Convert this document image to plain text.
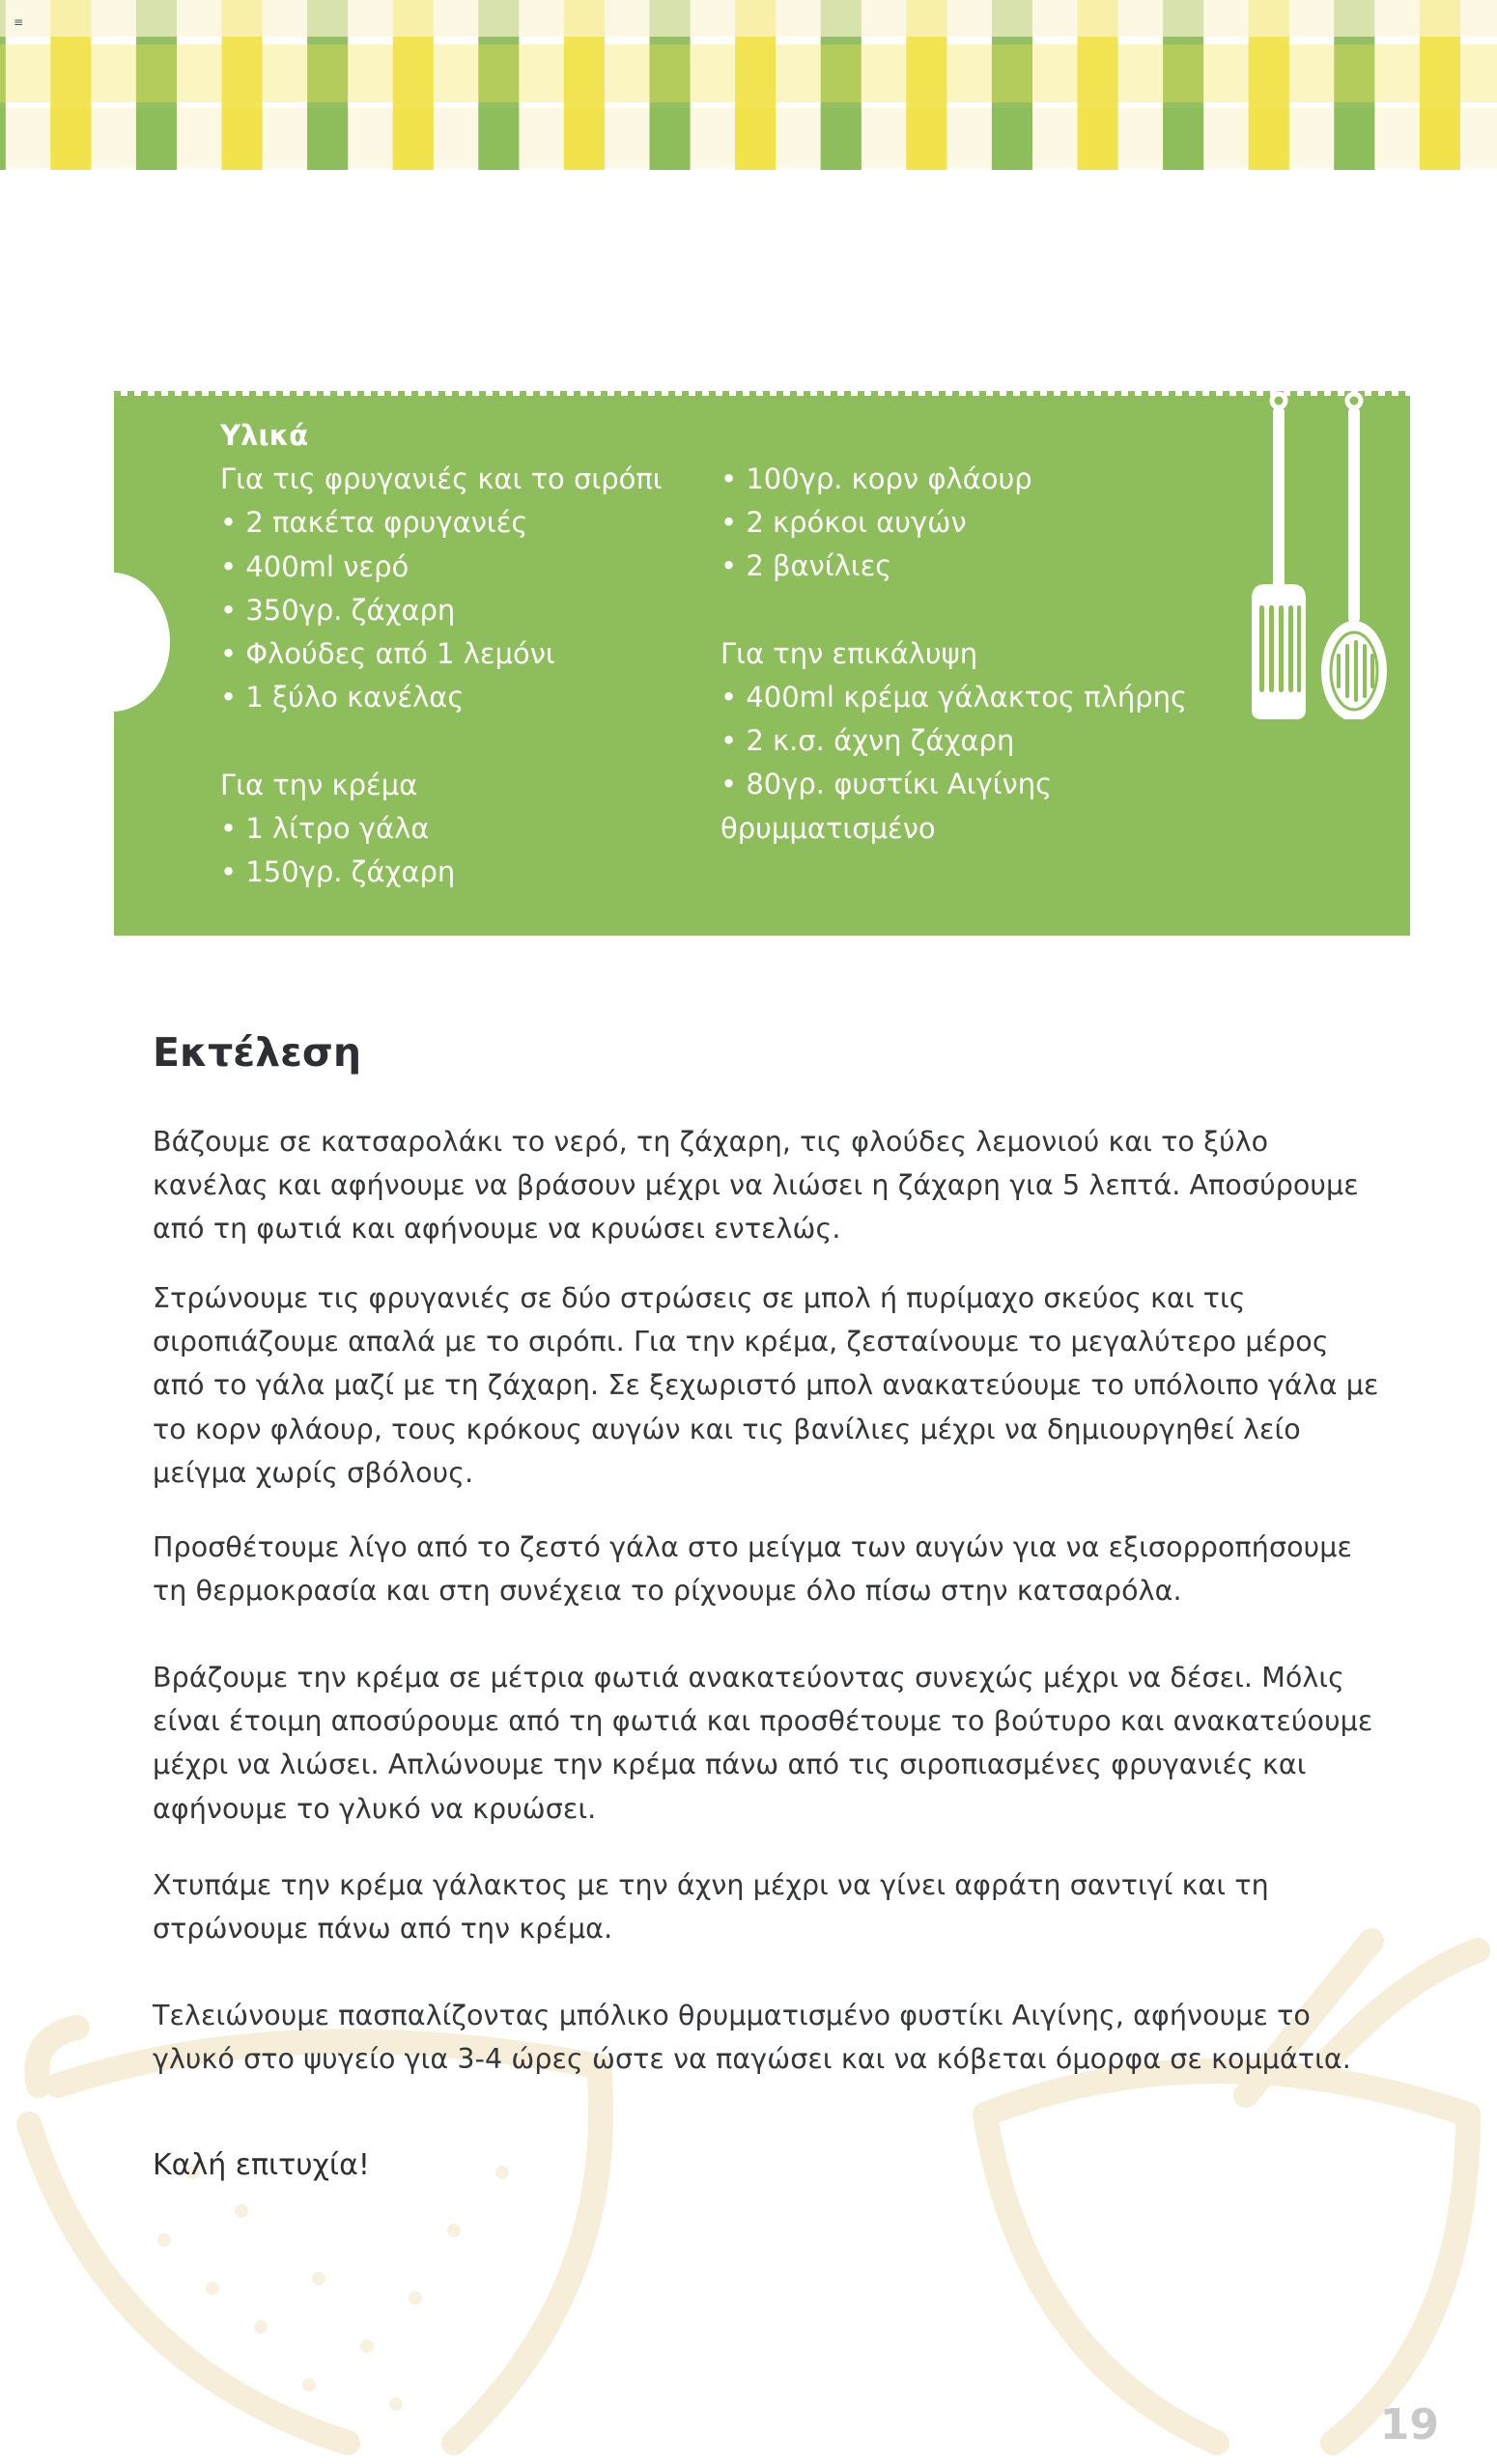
≡
Υλικά
Για τις φρυγανιές και το σιρόπι
• 2 πακέτα φρυγανιές
• 400ml νερό
• 350γρ. ζάχαρη
• Φλούδες από 1 λεμόνι
• 1 ξύλο κανέλας
Για την κρέμα
• 1 λίτρο γάλα
• 150γρ. ζάχαρη
• 100γρ. κορν φλάουρ
• 2 κρόκοι αυγών
• 2 βανίλιες
Για την επικάλυψη
• 400ml κρέμα γάλακτος πλήρης
• 2 κ.σ. άχνη ζάχαρη
• 80γρ. φυστίκι Αιγίνης
θρυμματισμένο
Εκτέλεση

Βάζουμε σε κατσαρολάκι το νερό, τη ζάχαρη, τις φλούδες λεμονιού και το ξύλο κανέλας και αφήνουμε να βράσουν μέχρι να λιώσει η ζάχαρη για 5 λεπτά. Αποσύρουμε από τη φωτιά και αφήνουμε να κρυώσει εντελώς.

Στρώνουμε τις φρυγανιές σε δύο στρώσεις σε μπολ ή πυρίμαχο σκεύος και τις σιροπιάζουμε απαλά με το σιρόπι. Για την κρέμα, ζεσταίνουμε το μεγαλύτερο μέρος από το γάλα μαζί με τη ζάχαρη. Σε ξεχωριστό μπολ ανακατεύουμε το υπόλοιπο γάλα με το κορν φλάουρ, τους κρόκους αυγών και τις βανίλιες μέχρι να δημιουργηθεί λείο μείγμα χωρίς σβόλους.

Προσθέτουμε λίγο από το ζεστό γάλα στο μείγμα των αυγών για να εξισορροπήσουμε τη θερμοκρασία και στη συνέχεια το ρίχνουμε όλο πίσω στην κατσαρόλα.

Βράζουμε την κρέμα σε μέτρια φωτιά ανακατεύοντας συνεχώς μέχρι να δέσει. Μόλις είναι έτοιμη αποσύρουμε από τη φωτιά και προσθέτουμε το βούτυρο και ανακατεύουμε μέχρι να λιώσει. Απλώνουμε την κρέμα πάνω από τις σιροπιασμένες φρυγανιές και αφήνουμε το γλυκό να κρυώσει.

Χτυπάμε την κρέμα γάλακτος με την άχνη μέχρι να γίνει αφράτη σαντιγί και τη στρώνουμε πάνω από την κρέμα.

Τελειώνουμε πασπαλίζοντας μπόλικο θρυμματισμένο φυστίκι Αιγίνης, αφήνουμε το γλυκό στο ψυγείο για 3-4 ώρες ώστε να παγώσει και να κόβεται όμορφα σε κομμάτια.

Καλή επιτυχία!

19
